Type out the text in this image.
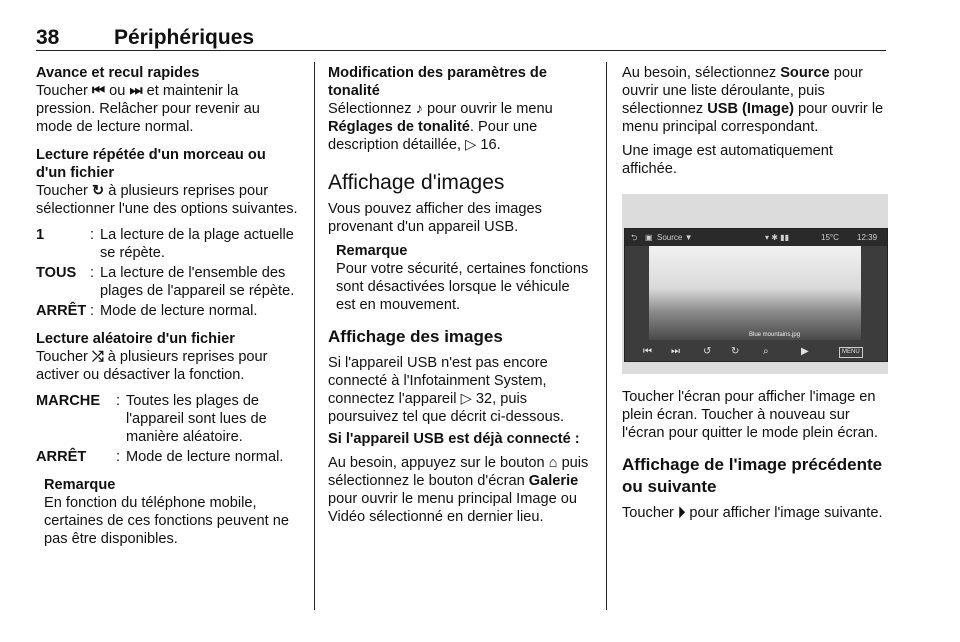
38	Périphériques
Avance et recul rapides

Toucher ⏮ ou ⏭ et maintenir la pression. Relâcher pour revenir au mode de lecture normal.

Lecture répétée d'un morceau ou d'un fichier

Toucher ↻ à plusieurs reprises pour sélectionner l'une des options suivantes.

1	: La lecture de la plage actuelle se répète.
TOUS : La lecture de l'ensemble des plages de l'appareil se répète.
ARRÊT : Mode de lecture normal.
Lecture aléatoire d'un fichier

Toucher ⤮ à plusieurs reprises pour activer ou désactiver la fonction.

MARCHE	: Toutes les plages de l'appareil sont lues de manière aléatoire.
ARRÊT	: Mode de lecture normal.
Remarque

En fonction du téléphone mobile, certaines de ces fonctions peuvent ne pas être disponibles.

Modification des paramètres de tonalité

Sélectionnez ♪ pour ouvrir le menu Réglages de tonalité. Pour une description détaillée, ▷ 16.

Affichage d'images

Vous pouvez afficher des images provenant d'un appareil USB.

Remarque

Pour votre sécurité, certaines fonctions sont désactivées lorsque le véhicule est en mouvement.

Affichage des images

Si l'appareil USB n'est pas encore connecté à l'Infotainment System, connectez l'appareil ▷ 32, puis poursuivez tel que décrit ci-dessous.

Si l'appareil USB est déjà connecté :

Au besoin, appuyez sur le bouton ⌂ puis sélectionnez le bouton d'écran Galerie pour ouvrir le menu principal Image ou Vidéo sélectionné en dernier lieu.

Au besoin, sélectionnez Source pour ouvrir une liste déroulante, puis sélectionnez USB (Image) pour ouvrir le menu principal correspondant.

Une image est automatiquement affichée.

⮌ ▣ Source ▼	▾ ✱ ▮▮	15°C 12:39
Blue mountains.jpg
⏮ ⏭ ↺ ↻ ⌕	▶	MENU

Toucher l'écran pour afficher l'image en plein écran. Toucher à nouveau sur l'écran pour quitter le mode plein écran.

Affichage de l'image précédente ou suivante

Toucher ⏵ pour afficher l'image suivante.
